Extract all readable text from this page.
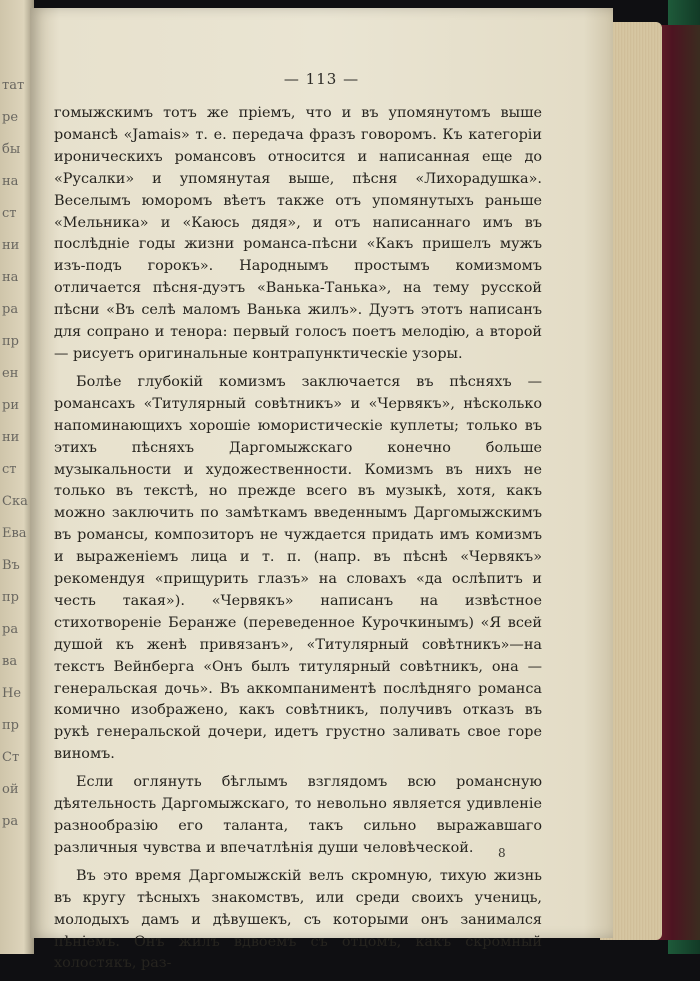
тат
ре
бы
на
ст
ни
на
ра
пр
ен
ри
ни
ст
Ска
Ева
Въ
пр
ра
ва
Не
пр
Ст
ой
ра
— 113 —

гомыжскимъ тотъ же пріемъ, что и въ упомянутомъ выше романсѣ «Jamais» т. е. передача фразъ говоромъ. Къ категоріи ироническихъ романсовъ относится и написанная еще до «Русалки» и упомянутая выше, пѣсня «Лихорадушка». Веселымъ юморомъ вѣетъ также отъ упомянутыхъ раньше «Мельника» и «Каюсь дядя», и отъ написаннаго имъ въ послѣдніе годы жизни романса-пѣсни «Какъ пришелъ мужъ изъ-подъ горокъ». Народнымъ простымъ комизмомъ отличается пѣсня-дуэтъ «Ванька-Танька», на тему русской пѣсни «Въ селѣ маломъ Ванька жилъ». Дуэтъ этотъ написанъ для сопрано и тенора: первый голосъ поетъ мелодію, а второй — рисуетъ оригинальные контрапунктическіе узоры.

Болѣе глубокій комизмъ заключается въ пѣсняхъ — романсахъ «Титулярный совѣтникъ» и «Червякъ», нѣсколько напоминающихъ хорошіе юмористическіе куплеты; только въ этихъ пѣсняхъ Даргомыжскаго конечно больше музыкальности и художественности. Комизмъ въ нихъ не только въ текстѣ, но прежде всего въ музыкѣ, хотя, какъ можно заключить по замѣткамъ введеннымъ Даргомыжскимъ въ романсы, композиторъ не чуждается придать имъ комизмъ и выраженіемъ лица и т. п. (напр. въ пѣснѣ «Червякъ» рекомендуя «прищурить глазъ» на словахъ «да ослѣпитъ и честь такая»). «Червякъ» написанъ на извѣстное стихотвореніе Беранже (переведенное Курочкинымъ) «Я всей душой къ женѣ привязанъ», «Титулярный совѣтникъ»—на текстъ Вейнберга «Онъ былъ титулярный совѣтникъ, она — генеральская дочь». Въ аккомпаниментѣ послѣдняго романса комично изображено, какъ совѣтникъ, получивъ отказъ въ рукѣ генеральской дочери, идетъ грустно заливать свое горе виномъ.

Если оглянуть бѣглымъ взглядомъ всю романсную дѣятельность Даргомыжскаго, то невольно является удивленіе разнообразію его таланта, такъ сильно выражавшаго различныя чувства и впечатлѣнія души человѣческой.

Въ это время Даргомыжскій велъ скромную, тихую жизнь въ кругу тѣсныхъ знакомствъ, или среди своихъ учениць, молодыхъ дамъ и дѣвушекъ, съ которыми онъ занимался пѣніемъ. Онъ жилъ вдвоемъ съ отцомъ, какъ скромный холостякъ, раз-

8
